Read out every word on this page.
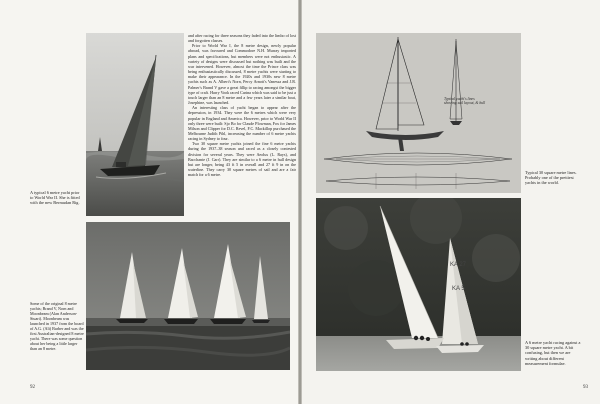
A typical 6 metre yacht prior to World War II. She is fitted with the new Bermudan Rig.

and after racing for three seasons they faded into the limbo of lost and forgotten classes.

Prior to World War I, the 8 metre design, newly popular abroad, was favoured and Commodore N.H. Murray imported plans and specifications, but members were not enthusiastic. A variety of designs were discussed but nothing was built and the war intervened. However, almost the time the Prince class was being enthusiastically discussed, 8 metre yachts were starting to make their appearance. In the 1920s and 1930s new 8 metre yachts such as A. Albert's Norn, Percy Arnott's Vanessa and J.R. Palmer's Brand V gave a great fillip to racing amongst the bigger type of craft. Harry Vook raced Carina which was said to be just a touch larger than an 8 metre and a few years later a similar boat, Josephine, was launched.

An interesting class of yacht began to appear after the depression, in 1934. They were the 6 metres which were very popular in England and America. However, prior to World War II only three were built: Sjo Bo for Claude Plowman, Fox for James Milson and Clipper for D.C. Revel, F.C. Mackillop purchased the Melbourne Judith Pihl, increasing the number of 6 metre yachts racing in Sydney to four.

Two 30 square metre yachts joined the fine 6 metre yachts during the 1937–38 season and raced as a closely contested division for several years. They were Aeolus (L. Rays), and Bacchante (J. Carr). They are similar to a 6 metre in hull design but are longer, being 43 ft 5 in overall and 27 ft 9 in on the waterline. They carry 30 square metres of sail and are a fair match for a 6 metre.

Some of the original 8 metre yachts; Brand V, Norn and Moonbeam (Alan Anderson-Stuart). Moonbeam was launched in 1937 from the board of A.G. (Ali) Barber and was the first Australian-designed 8 metre yacht. There was some question about her being a little larger than an 8 metre.

92
Typical yacht's lines showing sail layout, & hull

Typical 30 square metre lines. Probably one of the prettiest yachts in the world.

KA 27
KA 5

A 6 metre yacht racing against a 30 square metre yacht. A bit confusing, but then we are writing about different measurement formulae.

93
